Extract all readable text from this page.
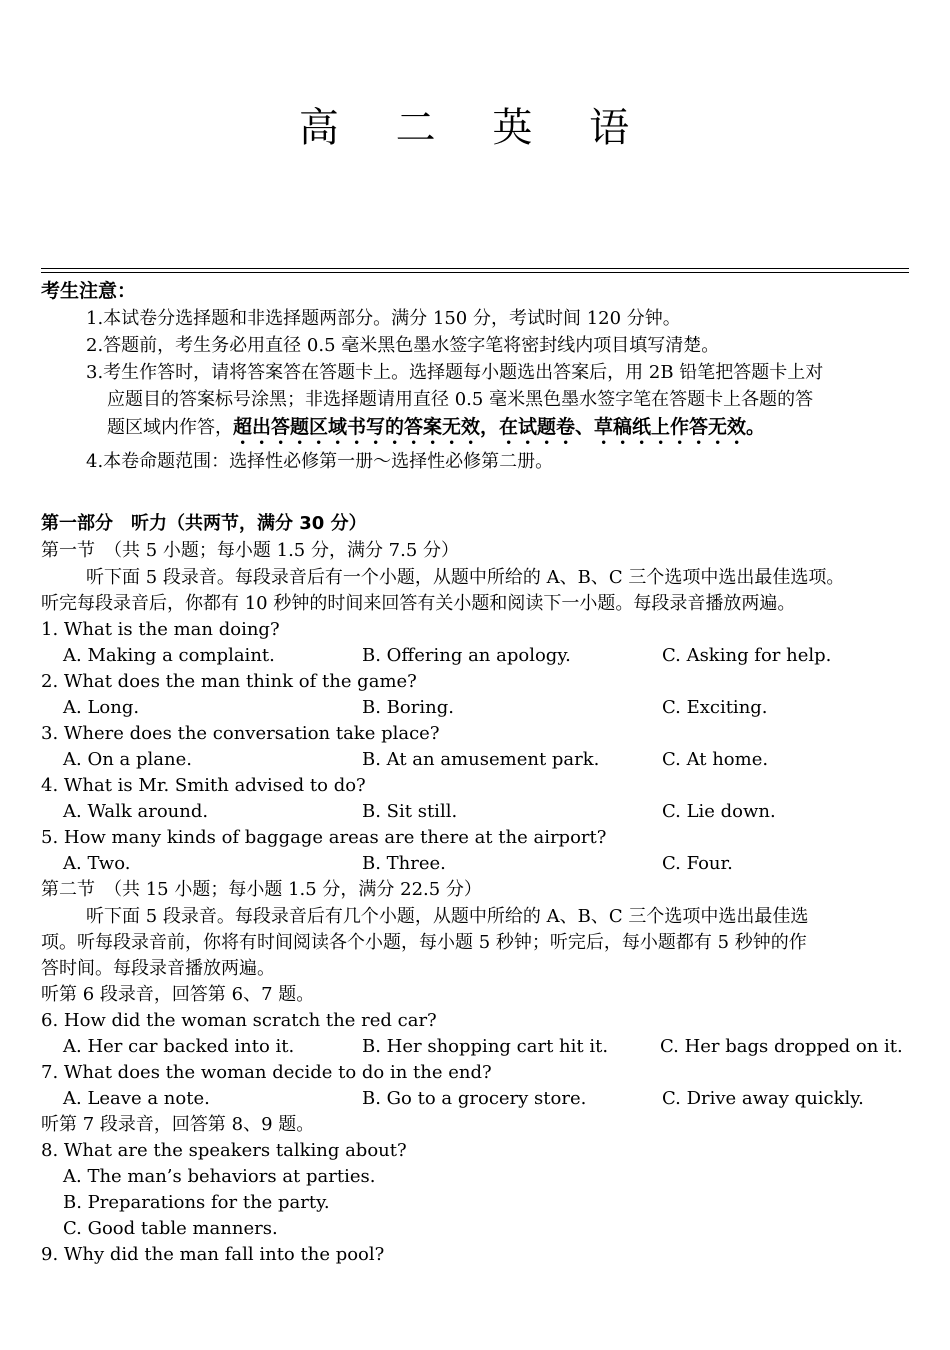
高 二 英 语
考生注意：
1.本试卷分选择题和非选择题两部分。满分 150 分，考试时间 120 分钟。
2.答题前，考生务必用直径 0.5 毫米黑色墨水签字笔将密封线内项目填写清楚。
3.考生作答时，请将答案答在答题卡上。选择题每小题选出答案后，用 2B 铅笔把答题卡上对
应题目的答案标号涂黑；非选择题请用直径 0.5 毫米黑色墨水签字笔在答题卡上各题的答
题区域内作答，超出答题区域书写的答案无效，在试题卷、草稿纸上作答无效。
4.本卷命题范围：选择性必修第一册～选择性必修第二册。
第一部分　听力（共两节，满分 30 分）
第一节　（共 5 小题；每小题 1.5 分，满分 7.5 分）
听下面 5 段录音。每段录音后有一个小题，从题中所给的 A、B、C 三个选项中选出最佳选项。
听完每段录音后，你都有 10 秒钟的时间来回答有关小题和阅读下一小题。每段录音播放两遍。
1. What is the man doing?
A. Making a complaint.	B. Offering an apology.	C. Asking for help.
2. What does the man think of the game?
A. Long.	B. Boring.	C. Exciting.
3. Where does the conversation take place?
A. On a plane.	B. At an amusement park.	C. At home.
4. What is Mr. Smith advised to do?
A. Walk around.	B. Sit still.	C. Lie down.
5. How many kinds of baggage areas are there at the airport?
A. Two.	B. Three.	C. Four.
第二节　（共 15 小题；每小题 1.5 分，满分 22.5 分）
听下面 5 段录音。每段录音后有几个小题，从题中所给的 A、B、C 三个选项中选出最佳选
项。听每段录音前，你将有时间阅读各个小题，每小题 5 秒钟；听完后，每小题都有 5 秒钟的作
答时间。每段录音播放两遍。
听第 6 段录音，回答第 6、7 题。
6. How did the woman scratch the red car?
A. Her car backed into it.	B. Her shopping cart hit it.	C. Her bags dropped on it.
7. What does the woman decide to do in the end?
A. Leave a note.	B. Go to a grocery store.	C. Drive away quickly.
听第 7 段录音，回答第 8、9 题。
8. What are the speakers talking about?
A. The man’s behaviors at parties.
B. Preparations for the party.
C. Good table manners.
9. Why did the man fall into the pool?
